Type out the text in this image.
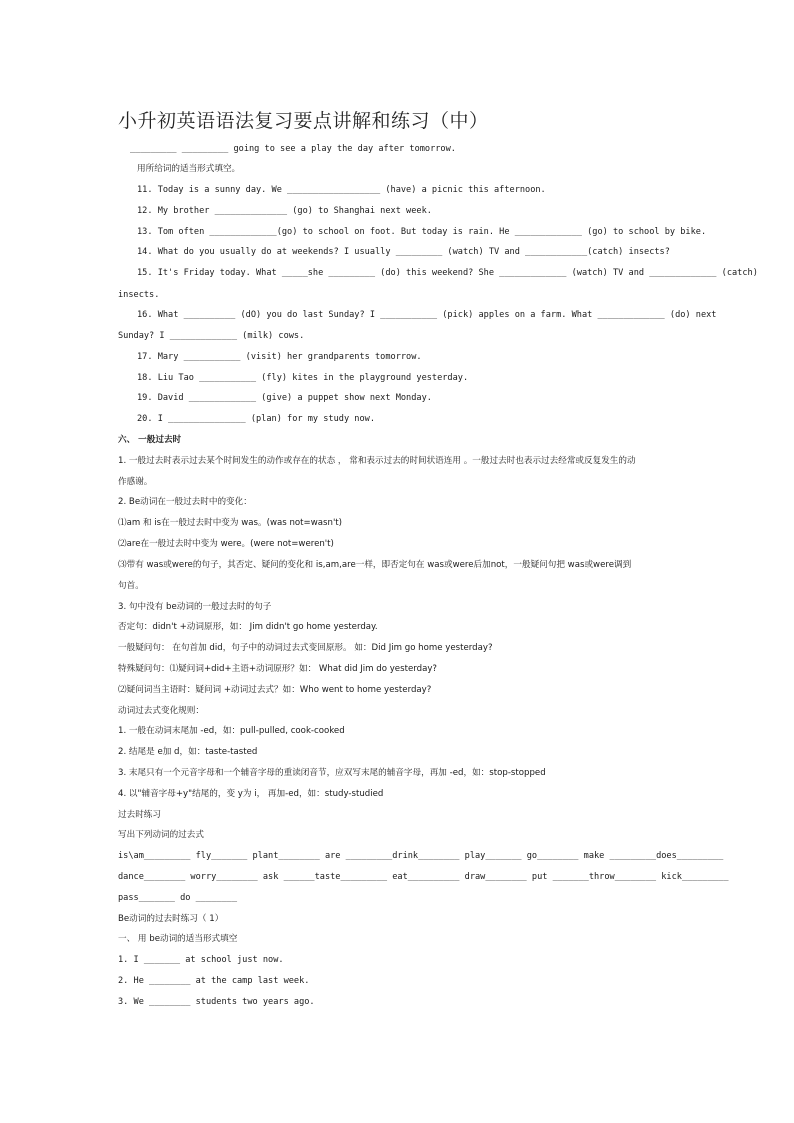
小升初英语语法复习要点讲解和练习（中）
_________ _________ going to see a play the day after tomorrow.
用所给词的适当形式填空。
11. Today is a sunny day. We __________________ (have) a picnic this afternoon.
12. My brother ______________ (go) to Shanghai next week.
13. Tom often _____________(go) to school on foot. But today is rain. He _____________ (go) to school by bike.
14. What do you usually do at weekends? I usually _________ (watch) TV and ____________(catch) insects?
15. It's Friday today. What _____she _________ (do) this weekend? She _____________ (watch) TV and _____________ (catch)
insects.
16. What __________ (dO) you do last Sunday? I ___________ (pick) apples on a farm. What _____________ (do) next
Sunday? I _____________ (milk) cows.
17. Mary ___________ (visit) her grandparents tomorrow.
18. Liu Tao ___________ (fly) kites in the playground yesterday.
19. David _____________ (give) a puppet show next Monday.
20. I _______________ (plan) for my study now.
六、 一般过去时
1. 一般过去时表示过去某个时间发生的动作或存在的状态 ， 常和表示过去的时间状语连用 。一般过去时也表示过去经常或反复发生的动
作感谢。
2. Be动词在一般过去时中的变化：
⑴am 和 is在一般过去时中变为 was。(was not=wasn't)
⑵are在一般过去时中变为 were。(were not=weren't)
⑶带有 was或were的句子，其否定、疑问的变化和 is,am,are一样，即否定句在 was或were后加not，一般疑问句把 was或were调到
句首。
3. 句中没有 be动词的一般过去时的句子
否定句：didn't +动词原形，如： Jim didn't go home yesterday.
一般疑问句： 在句首加 did，句子中的动词过去式变回原形。 如：Did Jim go home yesterday?
特殊疑问句：⑴疑问词+did+主语+动词原形？如： What did Jim do yesterday?
⑵疑问词当主语时：疑问词 +动词过去式？如：Who went to home yesterday?
动词过去式变化规则：
1. 一般在动词末尾加 -ed，如：pull-pulled, cook-cooked
2. 结尾是 e加 d，如：taste-tasted
3. 末尾只有一个元音字母和一个辅音字母的重读闭音节，应双写末尾的辅音字母，再加 -ed，如：stop-stopped
4. 以"辅音字母+y"结尾的，变 y为 i， 再加-ed，如：study-studied
过去时练习
写出下列动词的过去式
is\am_________ fly_______ plant________ are _________drink________ play_______ go________ make _________does_________
dance________ worry________ ask ______taste_________ eat__________ draw________ put _______throw________ kick_________
pass_______ do ________
Be动词的过去时练习（ 1）
一、 用 be动词的适当形式填空
1. I _______ at school just now.
2. He ________ at the camp last week.
3. We ________ students two years ago.
